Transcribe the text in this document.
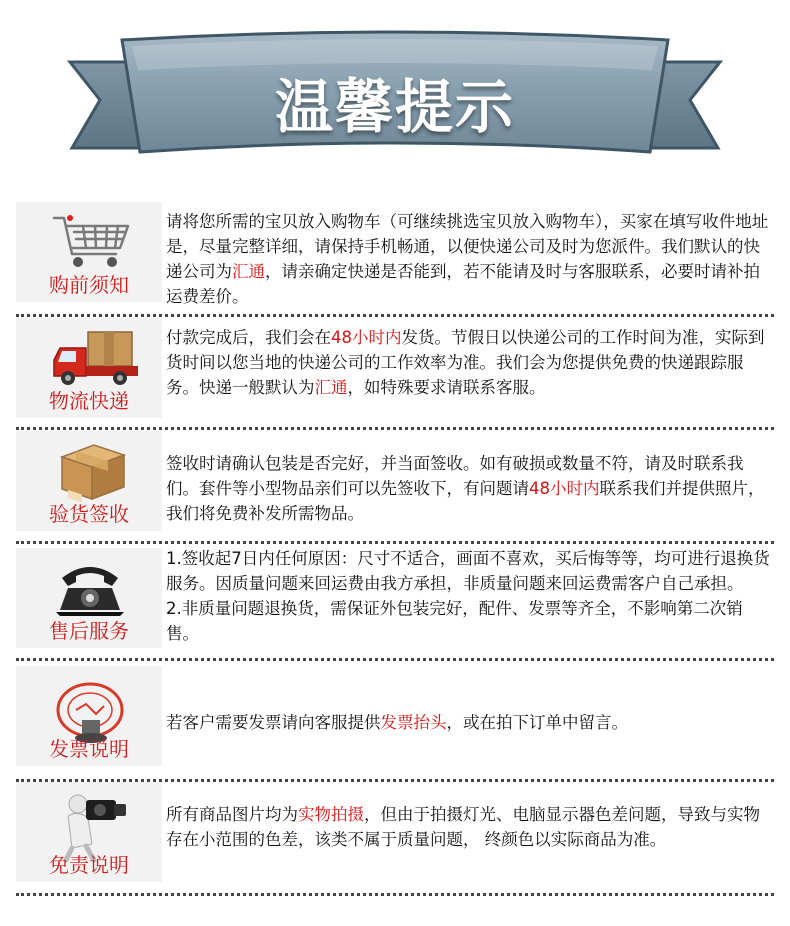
温馨提示
购前须知
请将您所需的宝贝放入购物车（可继续挑选宝贝放入购物车），买家在填写收件地址是，尽量完整详细，请保持手机畅通，以便快递公司及时为您派件。我们默认的快递公司为汇通，请亲确定快递是否能到，若不能请及时与客服联系，必要时请补拍运费差价。
物流快递
付款完成后，我们会在48小时内发货。节假日以快递公司的工作时间为准，实际到货时间以您当地的快递公司的工作效率为准。我们会为您提供免费的快递跟踪服务。快递一般默认为汇通，如特殊要求请联系客服。
验货签收
签收时请确认包装是否完好，并当面签收。如有破损或数量不符，请及时联系我们。套件等小型物品亲们可以先签收下，有问题请48小时内联系我们并提供照片，我们将免费补发所需物品。
售后服务
1.签收起7日内任何原因：尺寸不适合，画面不喜欢，买后悔等等，均可进行退换货服务。因质量问题来回运费由我方承担，非质量问题来回运费需客户自己承担。
2.非质量问题退换货，需保证外包装完好，配件、发票等齐全，不影响第二次销售。
发票说明
若客户需要发票请向客服提供发票抬头，或在拍下订单中留言。
免责说明
所有商品图片均为实物拍摄，但由于拍摄灯光、电脑显示器色差问题，导致与实物存在小范围的色差，该类不属于质量问题， 终颜色以实际商品为准。
